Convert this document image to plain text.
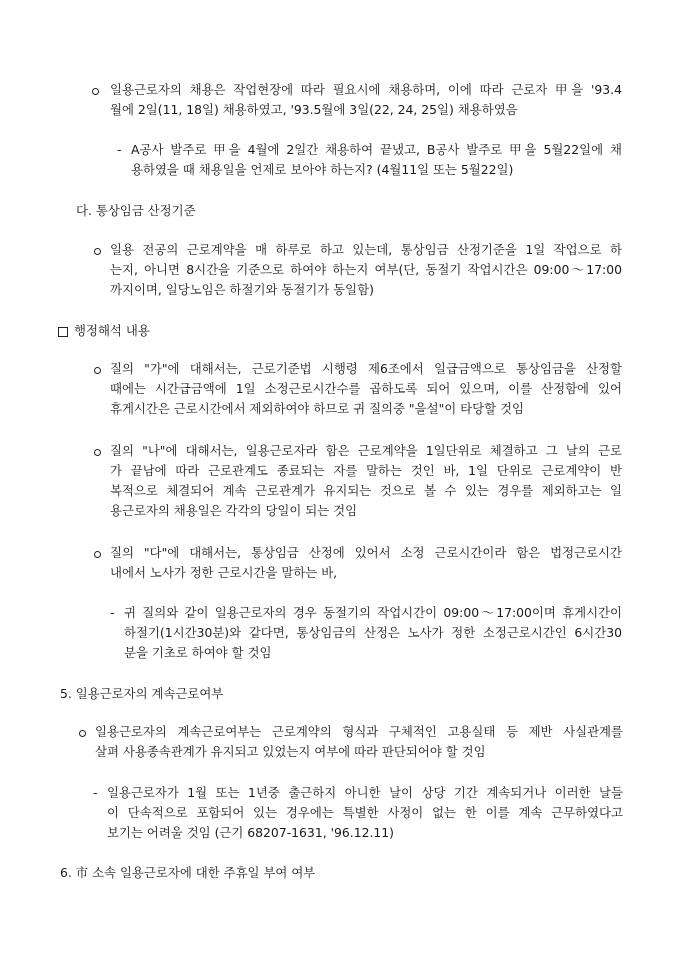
일용근로자의 채용은 작업현장에 따라 필요시에 채용하며, 이에 따라 근로자 甲을 '93.4
월에 2일(11, 18일) 채용하였고, '93.5월에 3일(22, 24, 25일) 채용하였음
- A공사 발주로 甲을 4월에 2일간 채용하여 끝냈고, B공사 발주로 甲을 5월22일에 채
용하였을 때 채용일을 언제로 보아야 하는지? (4월11일 또는 5월22일)
다. 통상임금 산정기준
일용 전공의 근로계약을 매 하루로 하고 있는데, 통상임금 산정기준을 1일 작업으로 하
는지, 아니면 8시간을 기준으로 하여야 하는지 여부(단, 동절기 작업시간은 09:00～17:00
까지이며, 일당노임은 하절기와 동절기가 동일함)
행정해석 내용
질의 "가"에 대해서는, 근로기준법 시행령 제6조에서 일급금액으로 통상임금을 산정할
때에는 시간급금액에 1일 소정근로시간수를 곱하도록 되어 있으며, 이를 산정함에 있어
휴게시간은 근로시간에서 제외하여야 하므로 귀 질의중 "을설"이 타당할 것임
질의 "나"에 대해서는, 일용근로자라 함은 근로계약을 1일단위로 체결하고 그 날의 근로
가 끝남에 따라 근로관계도 종료되는 자를 말하는 것인 바, 1일 단위로 근로계약이 반
복적으로 체결되어 계속 근로관계가 유지되는 것으로 볼 수 있는 경우를 제외하고는 일
용근로자의 채용일은 각각의 당일이 되는 것임
질의 "다"에 대해서는, 통상임금 산정에 있어서 소정 근로시간이라 함은 법정근로시간
내에서 노사가 정한 근로시간을 말하는 바,
- 귀 질의와 같이 일용근로자의 경우 동절기의 작업시간이 09:00～17:00이며 휴게시간이
하절기(1시간30분)와 같다면, 통상임금의 산정은 노사가 정한 소정근로시간인 6시간30
분을 기초로 하여야 할 것임
5. 일용근로자의 계속근로여부
일용근로자의 계속근로여부는 근로계약의 형식과 구체적인 고용실태 등 제반 사실관계를
살펴 사용종속관계가 유지되고 있었는지 여부에 따라 판단되어야 할 것임
- 일용근로자가 1월 또는 1년중 출근하지 아니한 날이 상당 기간 계속되거나 이러한 날들
이 단속적으로 포함되어 있는 경우에는 특별한 사정이 없는 한 이를 계속 근무하였다고
보기는 어려울 것임 (근기 68207-1631, '96.12.11)
6. 市 소속 일용근로자에 대한 주휴일 부여 여부
